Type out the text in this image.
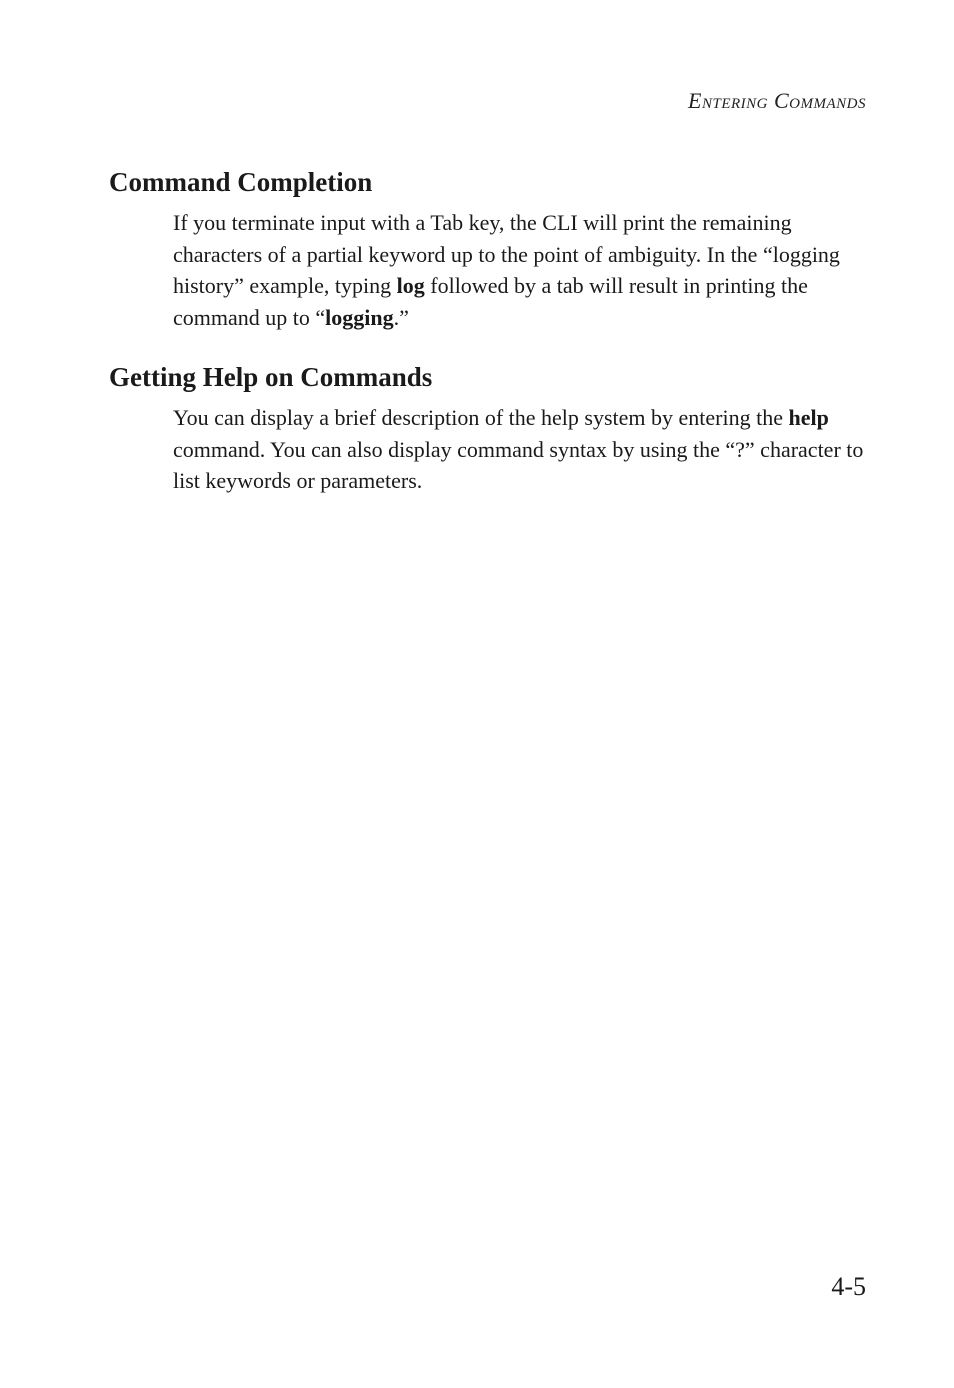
Entering Commands
Command Completion

If you terminate input with a Tab key, the CLI will print the remaining characters of a partial keyword up to the point of ambiguity. In the “logging history” example, typing log followed by a tab will result in printing the command up to “logging.”

Getting Help on Commands

You can display a brief description of the help system by entering the help command. You can also display command syntax by using the “?” character to list keywords or parameters.

4-5
